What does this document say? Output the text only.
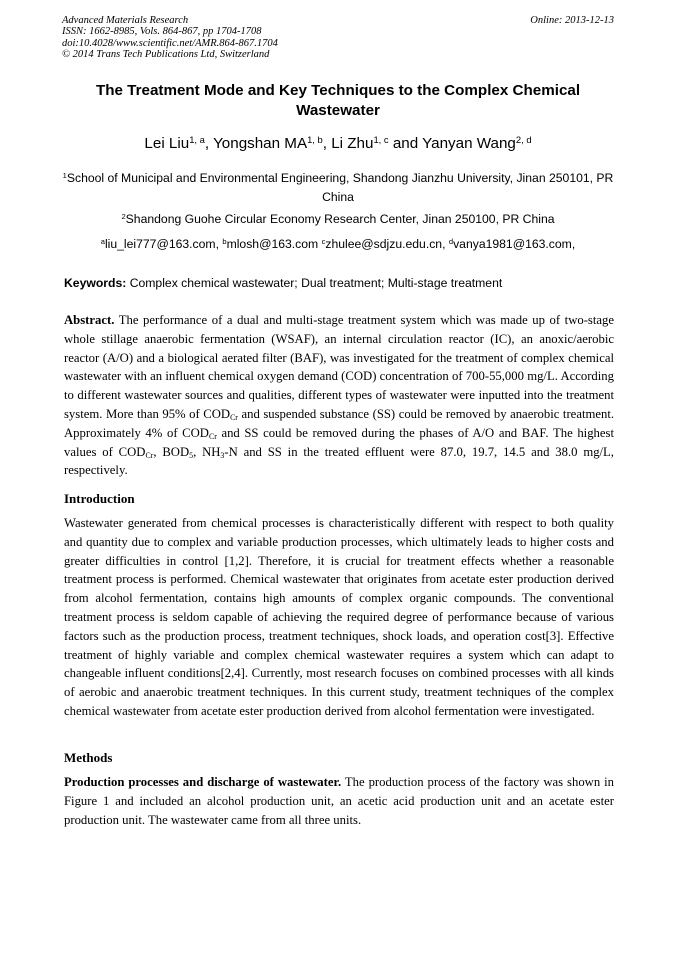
Advanced Materials Research
ISSN: 1662-8985, Vols. 864-867, pp 1704-1708
doi:10.4028/www.scientific.net/AMR.864-867.1704
© 2014 Trans Tech Publications Ltd, Switzerland
Online: 2013-12-13
The Treatment Mode and Key Techniques to the Complex Chemical Wastewater
Lei Liu$^{1, a}$, Yongshan MA$^{1, b}$, Li Zhu$^{1, c}$ and Yanyan Wang$^{2, d}$
$^1$School of Municipal and Environmental Engineering, Shandong Jianzhu University, Jinan 250101, PR China
$^2$Shandong Guohe Circular Economy Research Center, Jinan 250100, PR China
$^a$liu_lei777@163.com, $^b$mlosh@163.com $^c$zhulee@sdjzu.edu.cn, $^d$vanya1981@163.com,
Keywords: Complex chemical wastewater; Dual treatment; Multi-stage treatment
Abstract. The performance of a dual and multi-stage treatment system which was made up of two-stage whole stillage anaerobic fermentation (WSAF), an internal circulation reactor (IC), an anoxic/aerobic reactor (A/O) and a biological aerated filter (BAF), was investigated for the treatment of complex chemical wastewater with an influent chemical oxygen demand (COD) concentration of 700-55,000 mg/L. According to different wastewater sources and qualities, different types of wastewater were inputted into the treatment system. More than 95% of $COD_{Cr}$ and suspended substance (SS) could be removed by anaerobic treatment. Approximately 4% of $COD_{Cr}$ and SS could be removed during the phases of A/O and BAF. The highest values of $COD_{Cr}$, $BOD_5$, $NH_3-N$ and SS in the treated effluent were 87.0, 19.7, 14.5 and 38.0 mg/L, respectively.
Introduction
Wastewater generated from chemical processes is characteristically different with respect to both quality and quantity due to complex and variable production processes, which ultimately leads to higher costs and greater difficulties in control [1,2]. Therefore, it is crucial for treatment effects whether a reasonable treatment process is performed. Chemical wastewater that originates from acetate ester production derived from alcohol fermentation, contains high amounts of complex organic compounds. The conventional treatment process is seldom capable of achieving the required degree of performance because of various factors such as the production process, treatment techniques, shock loads, and operation cost[3]. Effective treatment of highly variable and complex chemical wastewater requires a system which can adapt to changeable influent conditions[2,4]. Currently, most research focuses on combined processes with all kinds of aerobic and anaerobic treatment techniques. In this current study, treatment techniques of the complex chemical wastewater from acetate ester production derived from alcohol fermentation were investigated.
Methods
Production processes and discharge of wastewater. The production process of the factory was shown in Figure 1 and included an alcohol production unit, an acetic acid production unit and an acetate ester production unit. The wastewater came from all three units.
